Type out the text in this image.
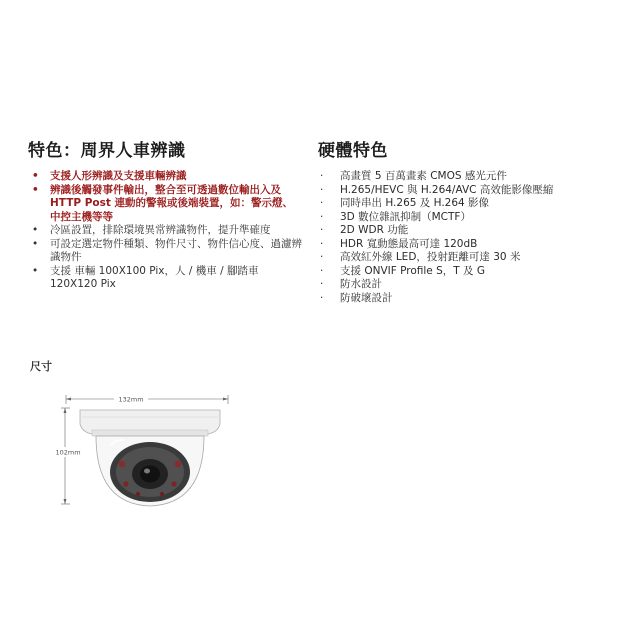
特色：周界人車辨識
• 支援人形辨識及支援車輛辨識
• 辨識後觸發事件輸出，整合至可透過數位輸出入及 HTTP Post 連動的警報或後端裝置，如：警示燈、中控主機等等
• 冷區設置，排除環境異常辨識物件，提升準確度
• 可設定選定物件種類、物件尺寸、物件信心度、過濾辨識物件
• 支援 車輛 100X100 Pix，人 / 機車 / 腳踏車 120X120 Pix
硬體特色
· 高畫質 5 百萬畫素 CMOS 感光元件
· H.265/HEVC 與 H.264/AVC 高效能影像壓縮
· 同時串出 H.265 及 H.264 影像
· 3D 數位雜訊抑制（MCTF）
· 2D WDR 功能
· HDR 寬動態最高可達 120dB
· 高效紅外線 LED，投射距離可達 30 米
· 支援 ONVIF Profile S，T 及 G
· 防水設計
· 防破壞設計
尺寸
132mm
102mm
